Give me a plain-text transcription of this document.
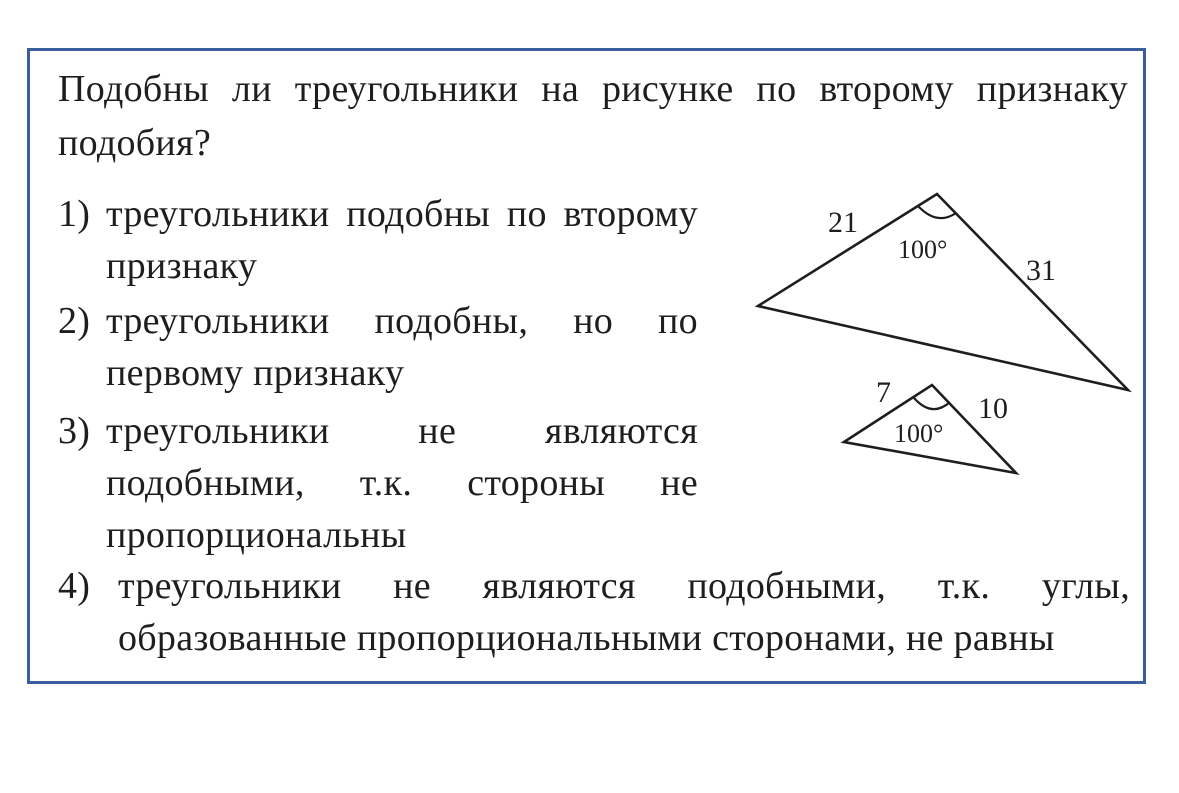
Подобны ли треугольники на рисунке по второму признаку подобия?

1) треугольники подобны по второму признаку
2) треугольники подобны, но по первому признаку
3) треугольники не являются подобными, т.к. стороны не пропорциональны
4) треугольники не являются подобными, т.к. углы, образованные пропорциональными сторонами, не равны
21
100°
31
7
100°
10
